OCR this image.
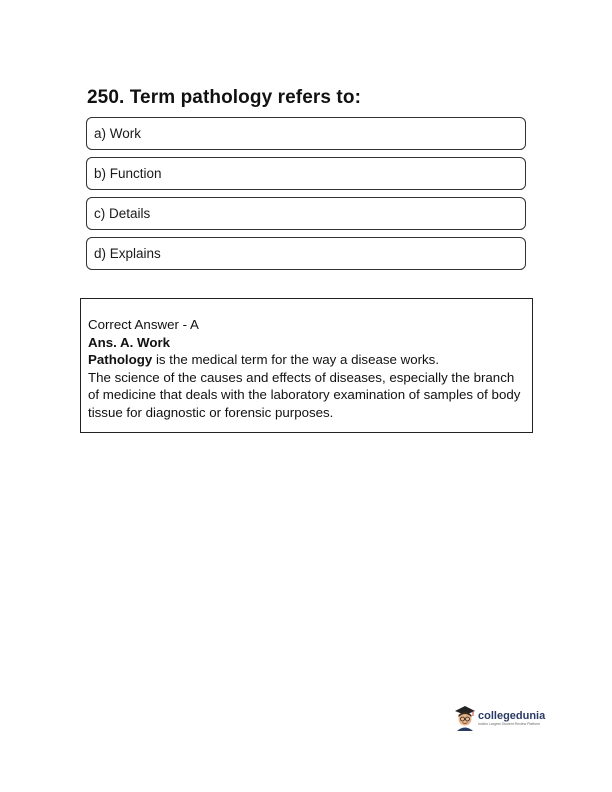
250. Term pathology refers to:
a) Work
b) Function
c) Details
d) Explains

Correct Answer - A

Ans. A. Work

Pathology is the medical term for the way a disease works.

The science of the causes and effects of diseases, especially the branch of medicine that deals with the laboratory examination of samples of body tissue for diagnostic or forensic purposes.

collegedunia
India's Largest Student Review Platform
